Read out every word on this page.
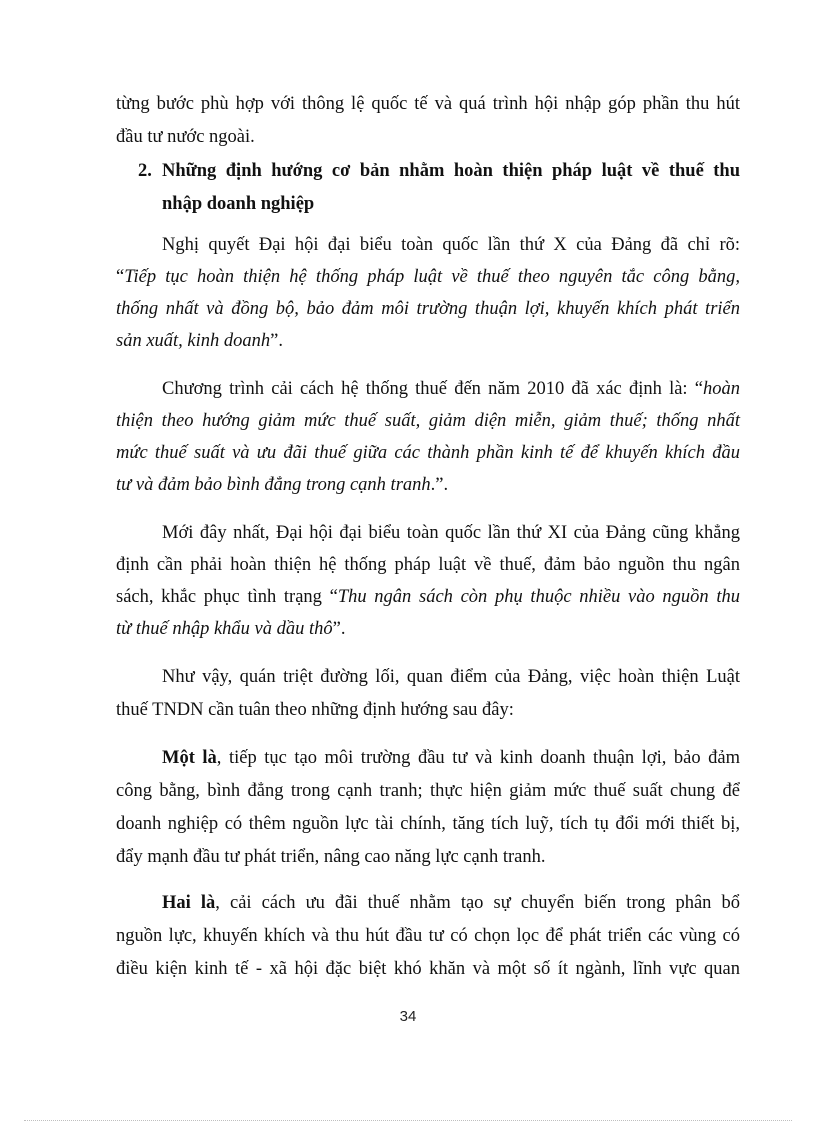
từng bước phù hợp với thông lệ quốc tế và quá trình hội nhập góp phần thu hút

đầu tư nước ngoài.

2. Những định hướng cơ bản nhằm hoàn thiện pháp luật về thuế thu

nhập doanh nghiệp

Nghị quyết Đại hội đại biểu toàn quốc lần thứ X của Đảng đã chỉ rõ:

“Tiếp tục hoàn thiện hệ thống pháp luật về thuế theo nguyên tắc công bằng,

thống nhất và đồng bộ, bảo đảm môi trường thuận lợi, khuyến khích phát triển

sản xuất, kinh doanh”.

Chương trình cải cách hệ thống thuế đến năm 2010 đã xác định là: “hoàn

thiện theo hướng giảm mức thuế suất, giảm diện miễn, giảm thuế; thống nhất

mức thuế suất và ưu đãi thuế giữa các thành phần kinh tế để khuyến khích đầu

tư và đảm bảo bình đẳng trong cạnh tranh.”.

Mới đây nhất, Đại hội đại biểu toàn quốc lần thứ XI của Đảng cũng khẳng

định cần phải hoàn thiện hệ thống pháp luật về thuế, đảm bảo nguồn thu ngân

sách, khắc phục tình trạng “Thu ngân sách còn phụ thuộc nhiều vào nguồn thu

từ thuế nhập khẩu và dầu thô”.

Như vậy, quán triệt đường lối, quan điểm của Đảng, việc hoàn thiện Luật

thuế TNDN cần tuân theo những định hướng sau đây:

Một là, tiếp tục tạo môi trường đầu tư và kinh doanh thuận lợi, bảo đảm

công bằng, bình đẳng trong cạnh tranh; thực hiện giảm mức thuế suất chung để

doanh nghiệp có thêm nguồn lực tài chính, tăng tích luỹ, tích tụ đổi mới thiết bị,

đẩy mạnh đầu tư phát triển, nâng cao năng lực cạnh tranh.

Hai là, cải cách ưu đãi thuế nhằm tạo sự chuyển biến trong phân bổ

nguồn lực, khuyến khích và thu hút đầu tư có chọn lọc để phát triển các vùng có

điều kiện kinh tế - xã hội đặc biệt khó khăn và một số ít ngành, lĩnh vực quan

34
